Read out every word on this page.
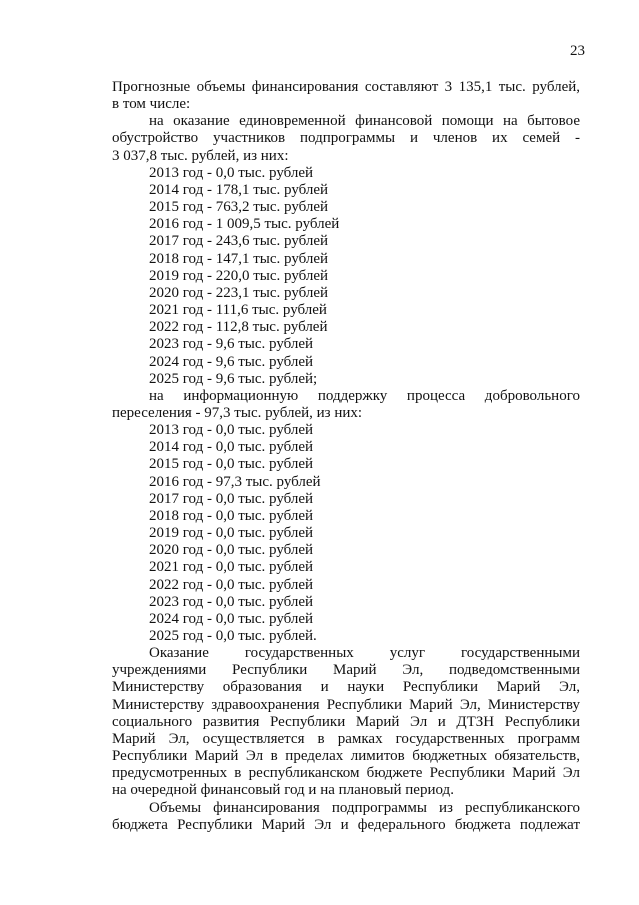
23

Прогнозные объемы финансирования составляют 3 135,1 тыс. рублей,

в том числе:

на оказание единовременной финансовой помощи на бытовое

обустройство участников подпрограммы и членов их семей -

3 037,8 тыс. рублей, из них:

2013 год - 0,0 тыс. рублей

2014 год - 178,1 тыс. рублей

2015 год - 763,2 тыс. рублей

2016 год - 1 009,5 тыс. рублей

2017 год - 243,6 тыс. рублей

2018 год - 147,1 тыс. рублей

2019 год - 220,0 тыс. рублей

2020 год - 223,1 тыс. рублей

2021 год - 111,6 тыс. рублей

2022 год - 112,8 тыс. рублей

2023 год - 9,6 тыс. рублей

2024 год - 9,6 тыс. рублей

2025 год - 9,6 тыс. рублей;

на информационную поддержку процесса добровольного

переселения - 97,3 тыс. рублей, из них:

2013 год - 0,0 тыс. рублей

2014 год - 0,0 тыс. рублей

2015 год - 0,0 тыс. рублей

2016 год - 97,3 тыс. рублей

2017 год - 0,0 тыс. рублей

2018 год - 0,0 тыс. рублей

2019 год - 0,0 тыс. рублей

2020 год - 0,0 тыс. рублей

2021 год - 0,0 тыс. рублей

2022 год - 0,0 тыс. рублей

2023 год - 0,0 тыс. рублей

2024 год - 0,0 тыс. рублей

2025 год - 0,0 тыс. рублей.

Оказание государственных услуг государственными

учреждениями Республики Марий Эл, подведомственными

Министерству образования и науки Республики Марий Эл,

Министерству здравоохранения Республики Марий Эл, Министерству

социального развития Республики Марий Эл и ДТЗН Республики

Марий Эл, осуществляется в рамках государственных программ

Республики Марий Эл в пределах лимитов бюджетных обязательств,

предусмотренных в республиканском бюджете Республики Марий Эл

на очередной финансовый год и на плановый период.

Объемы финансирования подпрограммы из республиканского

бюджета Республики Марий Эл и федерального бюджета подлежат
